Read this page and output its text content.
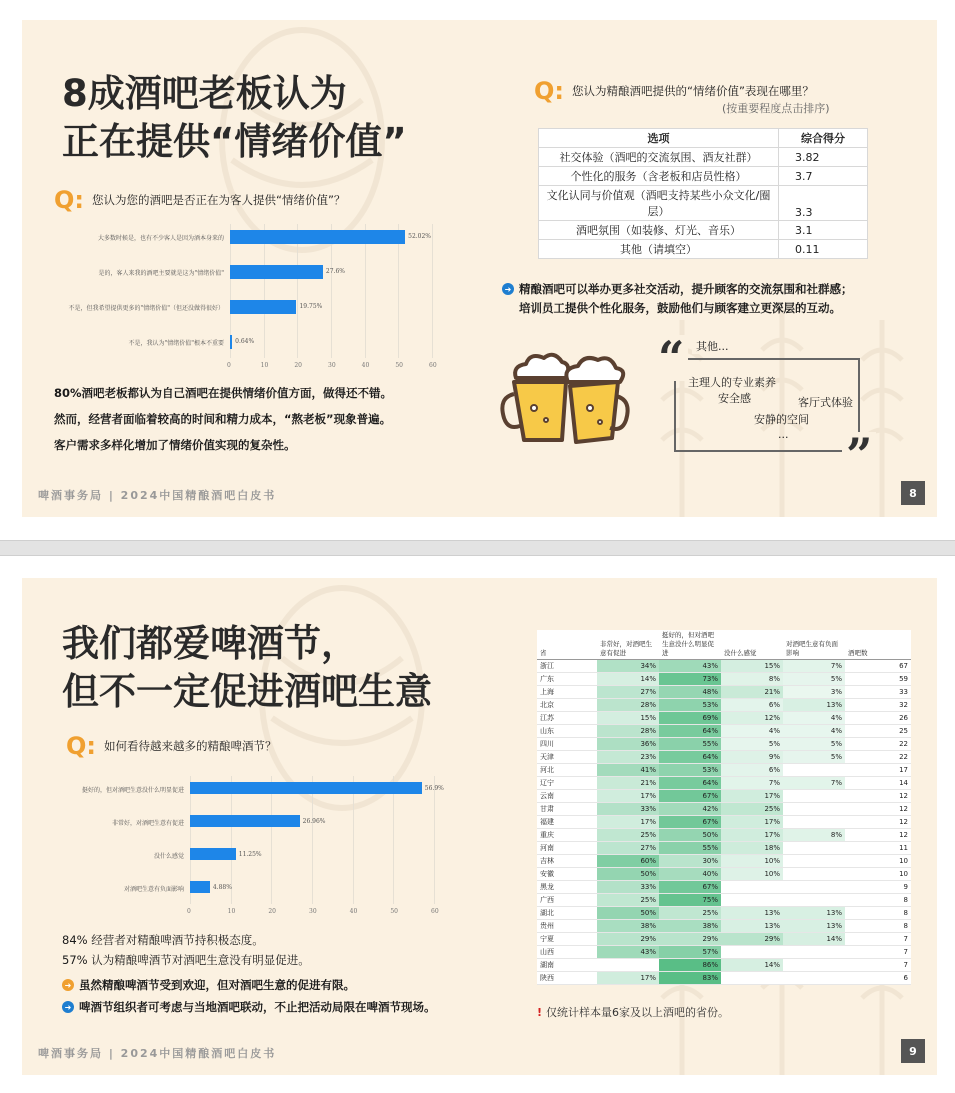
8成酒吧老板认为
正在提供“情绪价值”
Q: 您认为您的酒吧是否正在为客人提供“情绪价值”？
0	10	20	30	40	50	60
大多数时候是，也有不少客人是因为酒本身来的	52.02%
是的，客人来我的酒吧主要就是这为"情绪价值"	27.6%
不是，但我希望提供更多的"情绪价值"（但还没做得很好）	19.75%
不是，我认为"情绪价值"根本不重要 0.64%
80%酒吧老板都认为自己酒吧在提供情绪价值方面，做得还不错。
然而，经营者面临着较高的时间和精力成本，“熬老板”现象普遍。
客户需求多样化增加了情绪价值实现的复杂性。
Q: 您认为精酿酒吧提供的“情绪价值”表现在哪里？
(按重要程度点击排序)
选项	综合得分
社交体验（酒吧的交流氛围、酒友社群）	3.82
个性化的服务（含老板和店员性格）	3.7
文化认同与价值观（酒吧支持某些小众文化/圈层）	3.3
酒吧氛围（如装修、灯光、音乐）	3.1
其他（请填空）	0.11
➜ 精酿酒吧可以举办更多社交活动，提升顾客的交流氛围和社群感；
培训员工提供个性化服务，鼓励他们与顾客建立更深层的互动。
“
”
其他...
主理人的专业素养
安全感	客厅式体验
安静的空间
...
啤酒事务局 | 2024中国精酿酒吧白皮书	8
我们都爱啤酒节，
但不一定促进酒吧生意
Q: 如何看待越来越多的精酿啤酒节？
0	10	20	30	40	50	60
挺好的，但对酒吧生意没什么明显促进	56.9%
非常好，对酒吧生意有促进	26.96%
没什么感觉	11.25%
对酒吧生意有负面影响	4.88%
84% 经营者对精酿啤酒节持积极态度。
57% 认为精酿啤酒节对酒吧生意没有明显促进。
➜ 虽然精酿啤酒节受到欢迎，但对酒吧生意的促进有限。
➜ 啤酒节组织者可考虑与当地酒吧联动，不止把活动局限在啤酒节现场。
省	非常好，对酒吧生意有促进	挺好的，但对酒吧生意没什么明显促进	没什么感觉	对酒吧生意有负面影响	酒吧数
浙江	34%	43%	15%	7%	67
广东	14%	73%	8%	5%	59
上海	27%	48%	21%	3%	33
北京	28%	53%	6%	13%	32
江苏	15%	69%	12%	4%	26
山东	28%	64%	4%	4%	25
四川	36%	55%	5%	5%	22
天津	23%	64%	9%	5%	22
河北	41%	53%	6%		17
辽宁	21%	64%	7%	7%	14
云南	17%	67%	17%		12
甘肃	33%	42%	25%		12
福建	17%	67%	17%		12
重庆	25%	50%	17%	8%	12
河南	27%	55%	18%		11
吉林	60%	30%	10%		10
安徽	50%	40%	10%		10
黑龙	33%	67%			9
广西	25%	75%			8
湖北	50%	25%	13%	13%	8
贵州	38%	38%	13%	13%	8
宁夏	29%	29%	29%	14%	7
山西	43%	57%			7
湖南		86%	14%		7
陕西	17%	83%			6
! 仅统计样本量6家及以上酒吧的省份。
啤酒事务局 | 2024中国精酿酒吧白皮书	9
